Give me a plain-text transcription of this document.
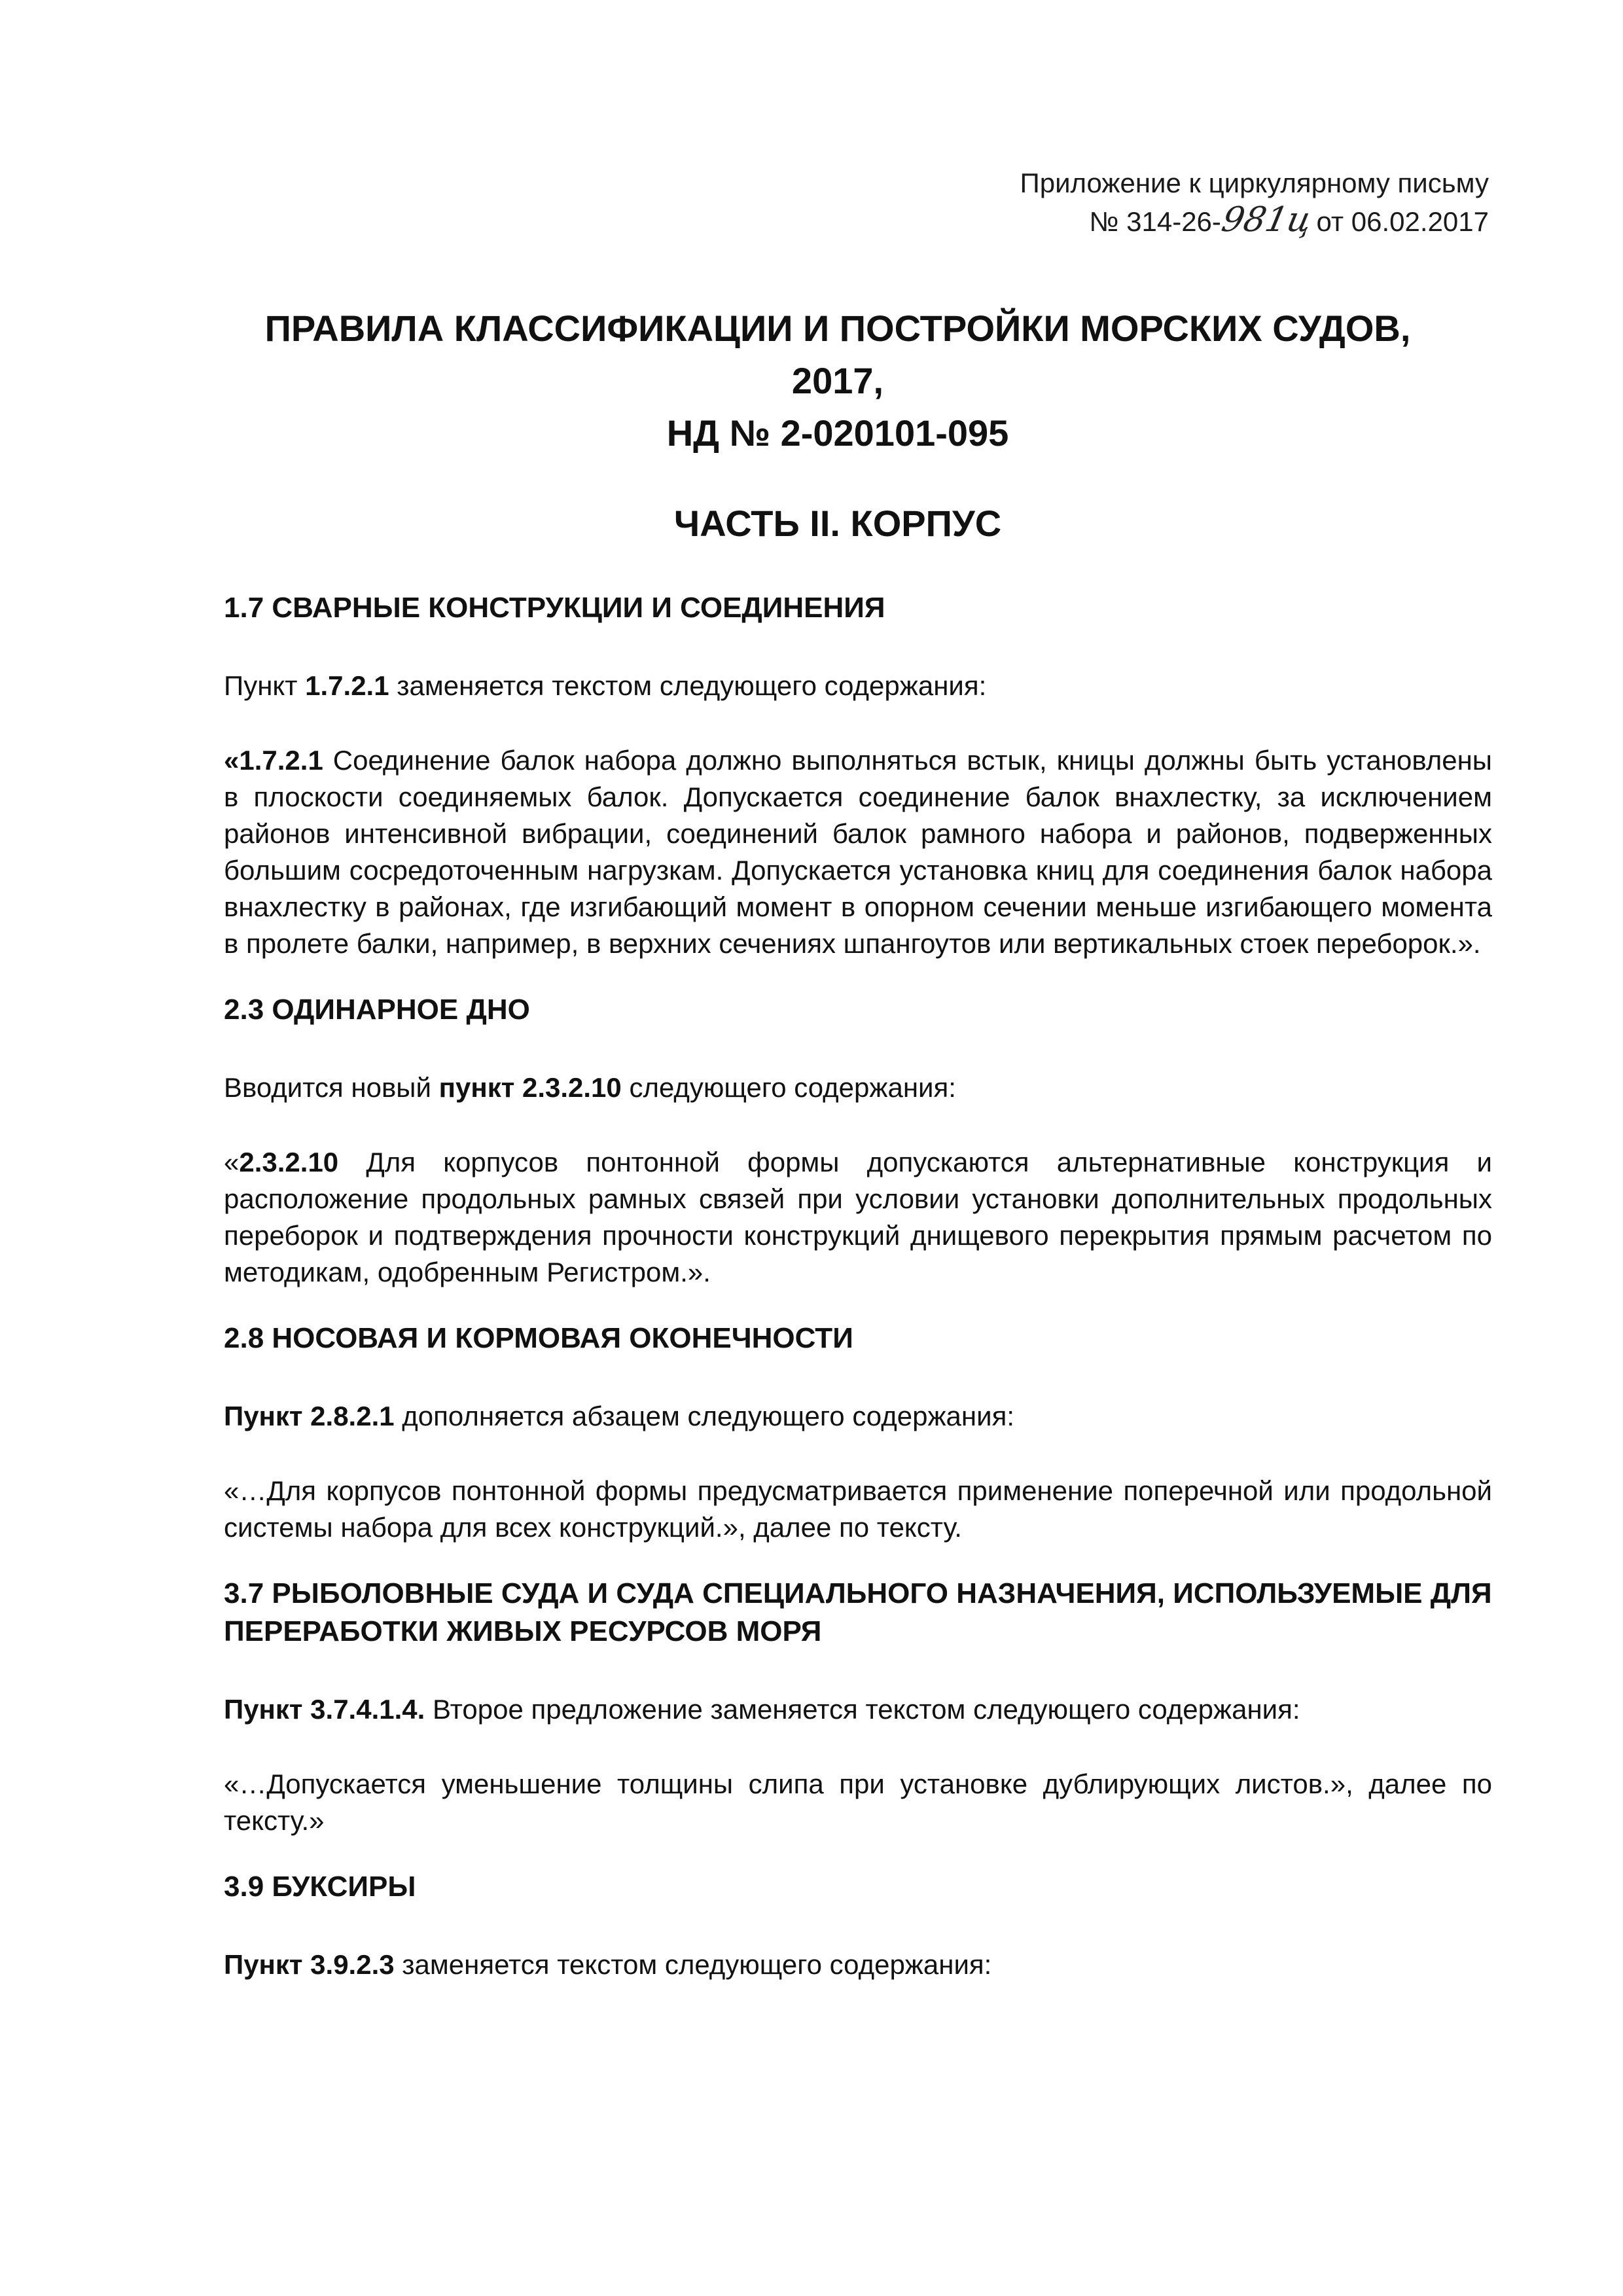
Приложение к циркулярному письму
№ 314-26-981цот 06.02.2017
ПРАВИЛА КЛАССИФИКАЦИИ И ПОСТРОЙКИ МОРСКИХ СУДОВ,
2017,
НД № 2-020101-095
ЧАСТЬ II. КОРПУС
1.7 СВАРНЫЕ КОНСТРУКЦИИ И СОЕДИНЕНИЯ
Пункт 1.7.2.1 заменяется текстом следующего содержания:
«1.7.2.1 Соединение балок набора должно выполняться встык, кницы должны быть установлены в плоскости соединяемых балок. Допускается соединение балок внахлестку, за исключением районов интенсивной вибрации, соединений балок рамного набора и районов, подверженных большим сосредоточенным нагрузкам. Допускается установка книц для соединения балок набора внахлестку в районах, где изгибающий момент в опорном сечении меньше изгибающего момента в пролете балки, например, в верхних сечениях шпангоутов или вертикальных стоек переборок.».
2.3 ОДИНАРНОЕ ДНО
Вводится новый пункт 2.3.2.10 следующего содержания:
«2.3.2.10 Для корпусов понтонной формы допускаются альтернативные конструкция и расположение продольных рамных связей при условии установки дополнительных продольных переборок и подтверждения прочности конструкций днищевого перекрытия прямым расчетом по методикам, одобренным Регистром.».
2.8 НОСОВАЯ И КОРМОВАЯ ОКОНЕЧНОСТИ
Пункт 2.8.2.1 дополняется абзацем следующего содержания:
«…Для корпусов понтонной формы предусматривается применение поперечной или продольной системы набора для всех конструкций.», далее по тексту.
3.7 РЫБОЛОВНЫЕ СУДА И СУДА СПЕЦИАЛЬНОГО НАЗНАЧЕНИЯ, ИСПОЛЬЗУЕМЫЕ ДЛЯ ПЕРЕРАБОТКИ ЖИВЫХ РЕСУРСОВ МОРЯ
Пункт 3.7.4.1.4. Второе предложение заменяется текстом следующего содержания:
«…Допускается уменьшение толщины слипа при установке дублирующих листов.», далее по тексту.»
3.9 БУКСИРЫ
Пункт 3.9.2.3 заменяется текстом следующего содержания:
